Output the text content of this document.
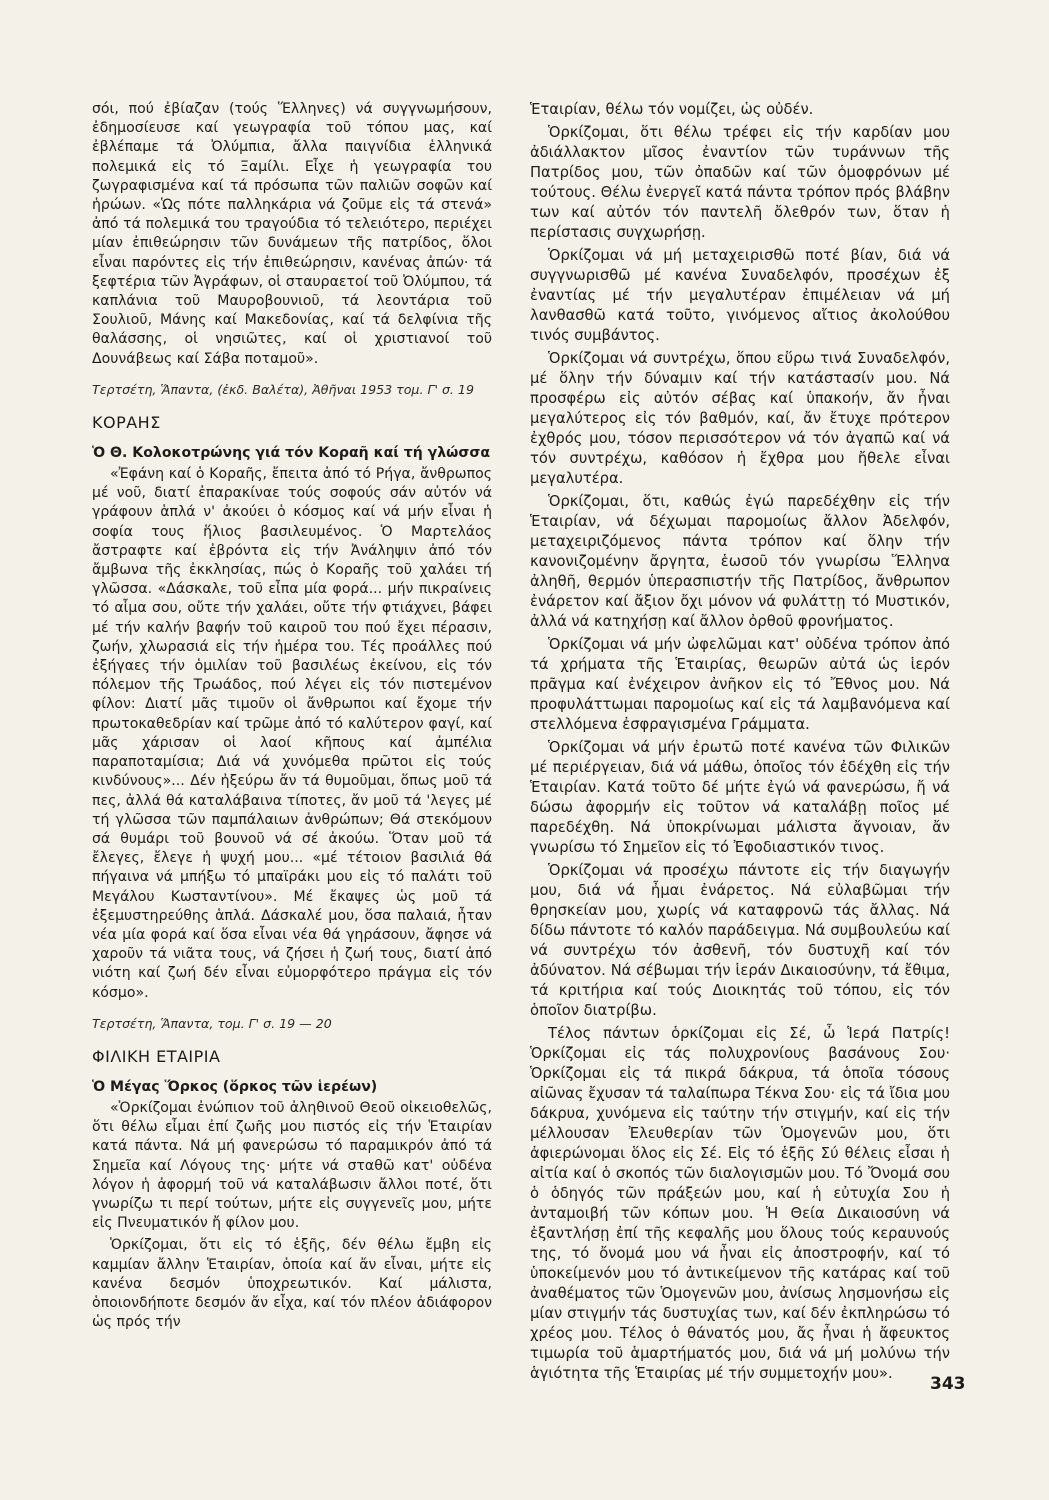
σόι, πού ἐβίαζαν (τούς Ἕλληνες) νά συγγνωμήσουν, ἐδημοσίευσε καί γεωγραφία τοῦ τόπου μας, καί ἐβλέπαμε τά Ὀλύμπια, ἄλλα παιγνίδια ἑλληνικά πολεμικά εἰς τό Ξαμίλι. Εἶχε ἡ γεωγραφία του ζωγραφισμένα καί τά πρόσωπα τῶν παλιῶν σοφῶν καί ἡρώων. «Ὡς πότε παλληκάρια νά ζοῦμε εἰς τά στενά» ἀπό τά πολεμικά του τραγούδια τό τελειότερο, περιέχει μίαν ἐπιθεώρησιν τῶν δυνάμεων τῆς πατρίδος, ὅλοι εἶναι παρόντες εἰς τήν ἐπιθεώρησιν, κανένας ἀπών· τά ξεφτέρια τῶν Ἀγράφων, οἱ σταυραετοί τοῦ Ὀλύμπου, τά καπλάνια τοῦ Μαυροβουνιοῦ, τά λεοντάρια τοῦ Σουλιοῦ, Μάνης καί Μακεδονίας, καί τά δελφίνια τῆς θαλάσσης, οἱ νησιῶτες, καί οἱ χριστιανοί τοῦ Δουνάβεως καί Σάβα ποταμοῦ».

Τερτσέτη, Ἅπαντα, (ἐκδ. Βαλέτα), Ἀθῆναι 1953 τομ. Γ' σ. 19

ΚΟΡΑΗΣ
Ὁ Θ. Κολοκοτρώνης γιά τόν Κοραῆ καί τή γλώσσα

«Ἐφάνη καί ὁ Κοραῆς, ἔπειτα ἀπό τό Ρήγα, ἄνθρωπος μέ νοῦ, διατί ἐπαρακίναε τούς σοφούς σάν αὐτόν νά γράφουν ἁπλά ν' ἀκούει ὁ κόσμος καί νά μήν εἶναι ἡ σοφία τους ἥλιος βασιλευμένος. Ὁ Μαρτελάος ἄστραφτε καί ἐβρόντα εἰς τήν Ἀνάληψιν ἀπό τόν ἄμβωνα τῆς ἐκκλησίας, πώς ὁ Κοραῆς τοῦ χαλάει τή γλῶσσα. «Δάσκαλε, τοῦ εἶπα μία φορά... μήν πικραίνεις τό αἷμα σου, οὔτε τήν χαλάει, οὔτε τήν φτιάχνει, βάφει μέ τήν καλήν βαφήν τοῦ καιροῦ του πού ἔχει πέρασιν, ζωήν, χλωρασιά εἰς τήν ἡμέρα του. Τές προάλλες πού ἐξήγαες τήν ὁμιλίαν τοῦ βασιλέως ἐκείνου, εἰς τόν πόλεμον τῆς Τρωάδος, πού λέγει εἰς τόν πιστεμένον φίλον: Διατί μᾶς τιμοῦν οἱ ἄνθρωποι καί ἔχομε τήν πρωτοκαθεδρίαν καί τρῶμε ἀπό τό καλύτερον φαγί, καί μᾶς χάρισαν οἱ λαοί κῆπους καί ἀμπέλια παραποταμίσια; Διά νά χυνόμεθα πρῶτοι εἰς τούς κινδύνους»... Δέν ἠξεύρω ἄν τά θυμοῦμαι, ὅπως μοῦ τά πες, ἀλλά θά καταλάβαινα τίποτες, ἄν μοῦ τά 'λεγες μέ τή γλῶσσα τῶν παμπάλαιων ἀνθρώπων; Θά στεκόμουν σά θυμάρι τοῦ βουνοῦ νά σέ ἀκούω. Ὅταν μοῦ τά ἔλεγες, ἔλεγε ἡ ψυχή μου... «μέ τέτοιον βασιλιά θά πήγαινα νά μπήξω τό μπαϊράκι μου εἰς τό παλάτι τοῦ Μεγάλου Κωσταντίνου». Μέ ἔκαψες ὡς μοῦ τά ἐξεμυστηρεύθης ἁπλά. Δάσκαλέ μου, ὅσα παλαιά, ἦταν νέα μία φορά καί ὅσα εἶναι νέα θά γηράσουν, ἄφησε νά χαροῦν τά νιᾶτα τους, νά ζήσει ἡ ζωή τους, διατί ἀπό νιότη καί ζωή δέν εἶναι εὐμορφότερο πράγμα εἰς τόν κόσμο».

Τερτσέτη, Ἅπαντα, τομ. Γ' σ. 19 — 20

ΦΙΛΙΚΗ ΕΤΑΙΡΙΑ
Ὁ Μέγας Ὅρκος (ὅρκος τῶν ἱερέων)

«Ὁρκίζομαι ἐνώπιον τοῦ ἀληθινοῦ Θεοῦ οἰκειοθελῶς, ὅτι θέλω εἶμαι ἐπί ζωῆς μου πιστός εἰς τήν Ἑταιρίαν κατά πάντα. Νά μή φανερώσω τό παραμικρόν ἀπό τά Σημεῖα καί Λόγους της· μήτε νά σταθῶ κατ' οὐδένα λόγον ἡ ἀφορμή τοῦ νά καταλάβωσιν ἄλλοι ποτέ, ὅτι γνωρίζω τι περί τούτων, μήτε εἰς συγγενεῖς μου, μήτε εἰς Πνευματικόν ἤ φίλον μου.

Ὁρκίζομαι, ὅτι εἰς τό ἑξῆς, δέν θέλω ἔμβη εἰς καμμίαν ἄλλην Ἑταιρίαν, ὁποία καί ἄν εἶναι, μήτε εἰς κανένα δεσμόν ὑποχρεωτικόν. Καί μάλιστα, ὁποιονδήποτε δεσμόν ἄν εἶχα, καί τόν πλέον ἀδιάφορον ὡς πρός τήν

Ἑταιρίαν, θέλω τόν νομίζει, ὡς οὐδέν.

Ὁρκίζομαι, ὅτι θέλω τρέφει εἰς τήν καρδίαν μου ἀδιάλλακτον μῖσος ἐναντίον τῶν τυράννων τῆς Πατρίδος μου, τῶν ὀπαδῶν καί τῶν ὁμοφρόνων μέ τούτους. Θέλω ἐνεργεῖ κατά πάντα τρόπον πρός βλάβην των καί αὐτόν τόν παντελῆ ὄλεθρόν των, ὅταν ἡ περίστασις συγχωρήσῃ.

Ὁρκίζομαι νά μή μεταχειρισθῶ ποτέ βίαν, διά νά συγγνωρισθῶ μέ κανένα Συναδελφόν, προσέχων ἐξ ἐναντίας μέ τήν μεγαλυτέραν ἐπιμέλειαν νά μή λανθασθῶ κατά τοῦτο, γινόμενος αἴτιος ἀκολούθου τινός συμβάντος.

Ὁρκίζομαι νά συντρέχω, ὅπου εὕρω τινά Συναδελφόν, μέ ὅλην τήν δύναμιν καί τήν κατάστασίν μου. Νά προσφέρω εἰς αὐτόν σέβας καί ὑπακοήν, ἄν ἦναι μεγαλύτερος εἰς τόν βαθμόν, καί, ἄν ἔτυχε πρότερον ἐχθρός μου, τόσον περισσότερον νά τόν ἀγαπῶ καί νά τόν συντρέχω, καθόσον ἡ ἔχθρα μου ἤθελε εἶναι μεγαλυτέρα.

Ὁρκίζομαι, ὅτι, καθώς ἐγώ παρεδέχθην εἰς τήν Ἑταιρίαν, νά δέχωμαι παρομοίως ἄλλον Ἀδελφόν, μεταχειριζόμενος πάντα τρόπον καί ὅλην τήν κανονιζομένην ἄργητα, ἑωσοῦ τόν γνωρίσω Ἕλληνα ἀληθῆ, θερμόν ὑπερασπιστήν τῆς Πατρίδος, ἄνθρωπον ἐνάρετον καί ἄξιον ὄχι μόνον νά φυλάττῃ τό Μυστικόν, ἀλλά νά κατηχήσῃ καί ἄλλον ὀρθοῦ φρονήματος.

Ὁρκίζομαι νά μήν ὠφελῶμαι κατ' οὐδένα τρόπον ἀπό τά χρήματα τῆς Ἑταιρίας, θεωρῶν αὐτά ὡς ἱερόν πρᾶγμα καί ἐνέχειρον ἀνῆκον εἰς τό Ἔθνος μου. Νά προφυλάττωμαι παρομοίως καί εἰς τά λαμβανόμενα καί στελλόμενα ἐσφραγισμένα Γράμματα.

Ὁρκίζομαι νά μήν ἐρωτῶ ποτέ κανένα τῶν Φιλικῶν μέ περιέργειαν, διά νά μάθω, ὁποῖος τόν ἐδέχθη εἰς τήν Ἑταιρίαν. Κατά τοῦτο δέ μήτε ἐγώ νά φανερώσω, ἤ νά δώσω ἀφορμήν εἰς τοῦτον νά καταλάβῃ ποῖος μέ παρεδέχθη. Νά ὑποκρίνωμαι μάλιστα ἄγνοιαν, ἄν γνωρίσω τό Σημεῖον εἰς τό Ἐφοδιαστικόν τινος.

Ὁρκίζομαι νά προσέχω πάντοτε εἰς τήν διαγωγήν μου, διά νά ἦμαι ἐνάρετος. Νά εὐλαβῶμαι τήν θρησκείαν μου, χωρίς νά καταφρονῶ τάς ἄλλας. Νά δίδω πάντοτε τό καλόν παράδειγμα. Νά συμβουλεύω καί νά συντρέχω τόν ἀσθενῆ, τόν δυστυχῆ καί τόν ἀδύνατον. Νά σέβωμαι τήν ἱεράν Δικαιοσύνην, τά ἔθιμα, τά κριτήρια καί τούς Διοικητάς τοῦ τόπου, εἰς τόν ὁποῖον διατρίβω.

Τέλος πάντων ὁρκίζομαι εἰς Σέ, ὦ Ἱερά Πατρίς! Ὁρκίζομαι εἰς τάς πολυχρονίους βασάνους Σου· Ὁρκίζομαι εἰς τά πικρά δάκρυα, τά ὁποῖα τόσους αἰῶνας ἔχυσαν τά ταλαίπωρα Τέκνα Σου· εἰς τά ἴδια μου δάκρυα, χυνόμενα εἰς ταύτην τήν στιγμήν, καί εἰς τήν μέλλουσαν Ἐλευθερίαν τῶν Ὁμογενῶν μου, ὅτι ἀφιερώνομαι ὅλος εἰς Σέ. Εἰς τό ἑξῆς Σύ θέλεις εἶσαι ἡ αἰτία καί ὁ σκοπός τῶν διαλογισμῶν μου. Τό Ὄνομά σου ὁ ὁδηγός τῶν πράξεών μου, καί ἡ εὐτυχία Σου ἡ ἀνταμοιβή τῶν κόπων μου. Ἡ Θεία Δικαιοσύνη νά ἐξαντλήσῃ ἐπί τῆς κεφαλῆς μου ὅλους τούς κεραυνούς της, τό ὄνομά μου νά ἦναι εἰς ἀποστροφήν, καί τό ὑποκείμενόν μου τό ἀντικείμενον τῆς κατάρας καί τοῦ ἀναθέματος τῶν Ὁμογενῶν μου, ἀνίσως λησμονήσω εἰς μίαν στιγμήν τάς δυστυχίας των, καί δέν ἐκπληρώσω τό χρέος μου. Τέλος ὁ θάνατός μου, ἄς ἦναι ἡ ἄφευκτος τιμωρία τοῦ ἁμαρτήματός μου, διά νά μή μολύνω τήν ἁγιότητα τῆς Ἑταιρίας μέ τήν συμμετοχήν μου».

343
